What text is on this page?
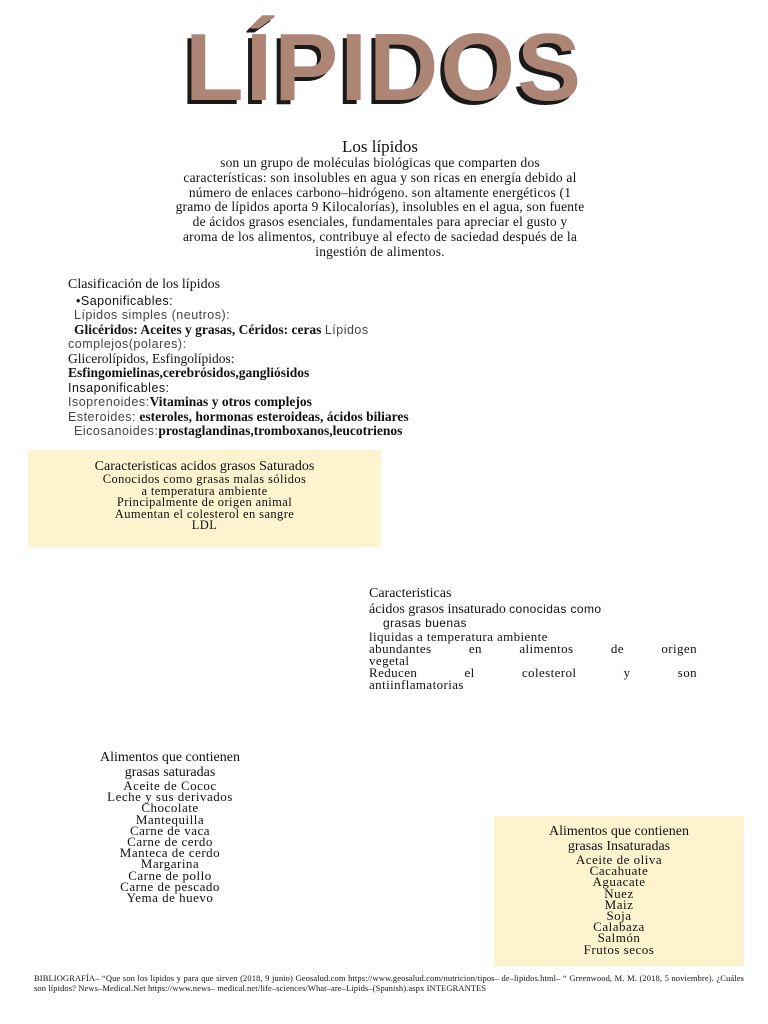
LÍPIDOS
Los lípidos

son un grupo de moléculas biológicas que comparten dos

características: son insolubles en agua y son ricas en energía debido al

número de enlaces carbono–hidrógeno. son altamente energéticos (1

gramo de lípidos aporta 9 Kilocalorías), insolubles en el agua, son fuente

de ácidos grasos esenciales, fundamentales para apreciar el gusto y

aroma de los alimentos, contribuye al efecto de saciedad después de la

ingestión de alimentos.

Clasificación de los lípidos
•Saponificables:
Lípidos simples (neutros):
Glicéridos: Aceites y grasas, Céridos: ceras Lípidos
complejos(polares):
Glicerolípidos, Esfingolípidos:
Esfingomielinas,cerebrósidos,gangliósidos
Insaponificables:
Isoprenoides:Vitaminas y otros complejos
Esteroides: esteroles, hormonas esteroideas, ácidos biliares
Eicosanoides:prostaglandinas,tromboxanos,leucotrienos
Caracteristicas acidos grasos Saturados
Conocidos como grasas malas sólidos
a temperatura ambiente
Principalmente de origen animal
Aumentan el colesterol en sangre
LDL
Caracteristicas
ácidos grasos insaturado conocidas como
grasas buenas
liquidas a temperatura ambiente
abundantes en alimentos de origen
vegetal
Reducen el colesterol y son
antiinflamatorias
Alimentos que contienen
grasas saturadas
Aceite de Cococ
Leche y sus derivados
Chocolate
Mantequilla
Carne de vaca
Carne de cerdo
Manteca de cerdo
Margarina
Carne de pollo
Carne de pescado
Yema de huevo
Alimentos que contienen
grasas Insaturadas
Aceite de oliva
Cacahuate
Aguacate
Nuez
Maiz
Soja
Calabaza
Salmón
Frutos secos
BIBLIOGRAFÍA– “Que son los lipidos y para que sirven (2018, 9 junio) Geosalud.com https://www.geosalud.com/nutricion/tipos– de–lipidos.html– “ Greenwood, M. M. (2018, 5 noviembre). ¿Cuáles son lípidos? News–Medical.Net https://www.news– medical.net/life–sciences/What–are–Lipids–(Spanish).aspx INTEGRANTES
